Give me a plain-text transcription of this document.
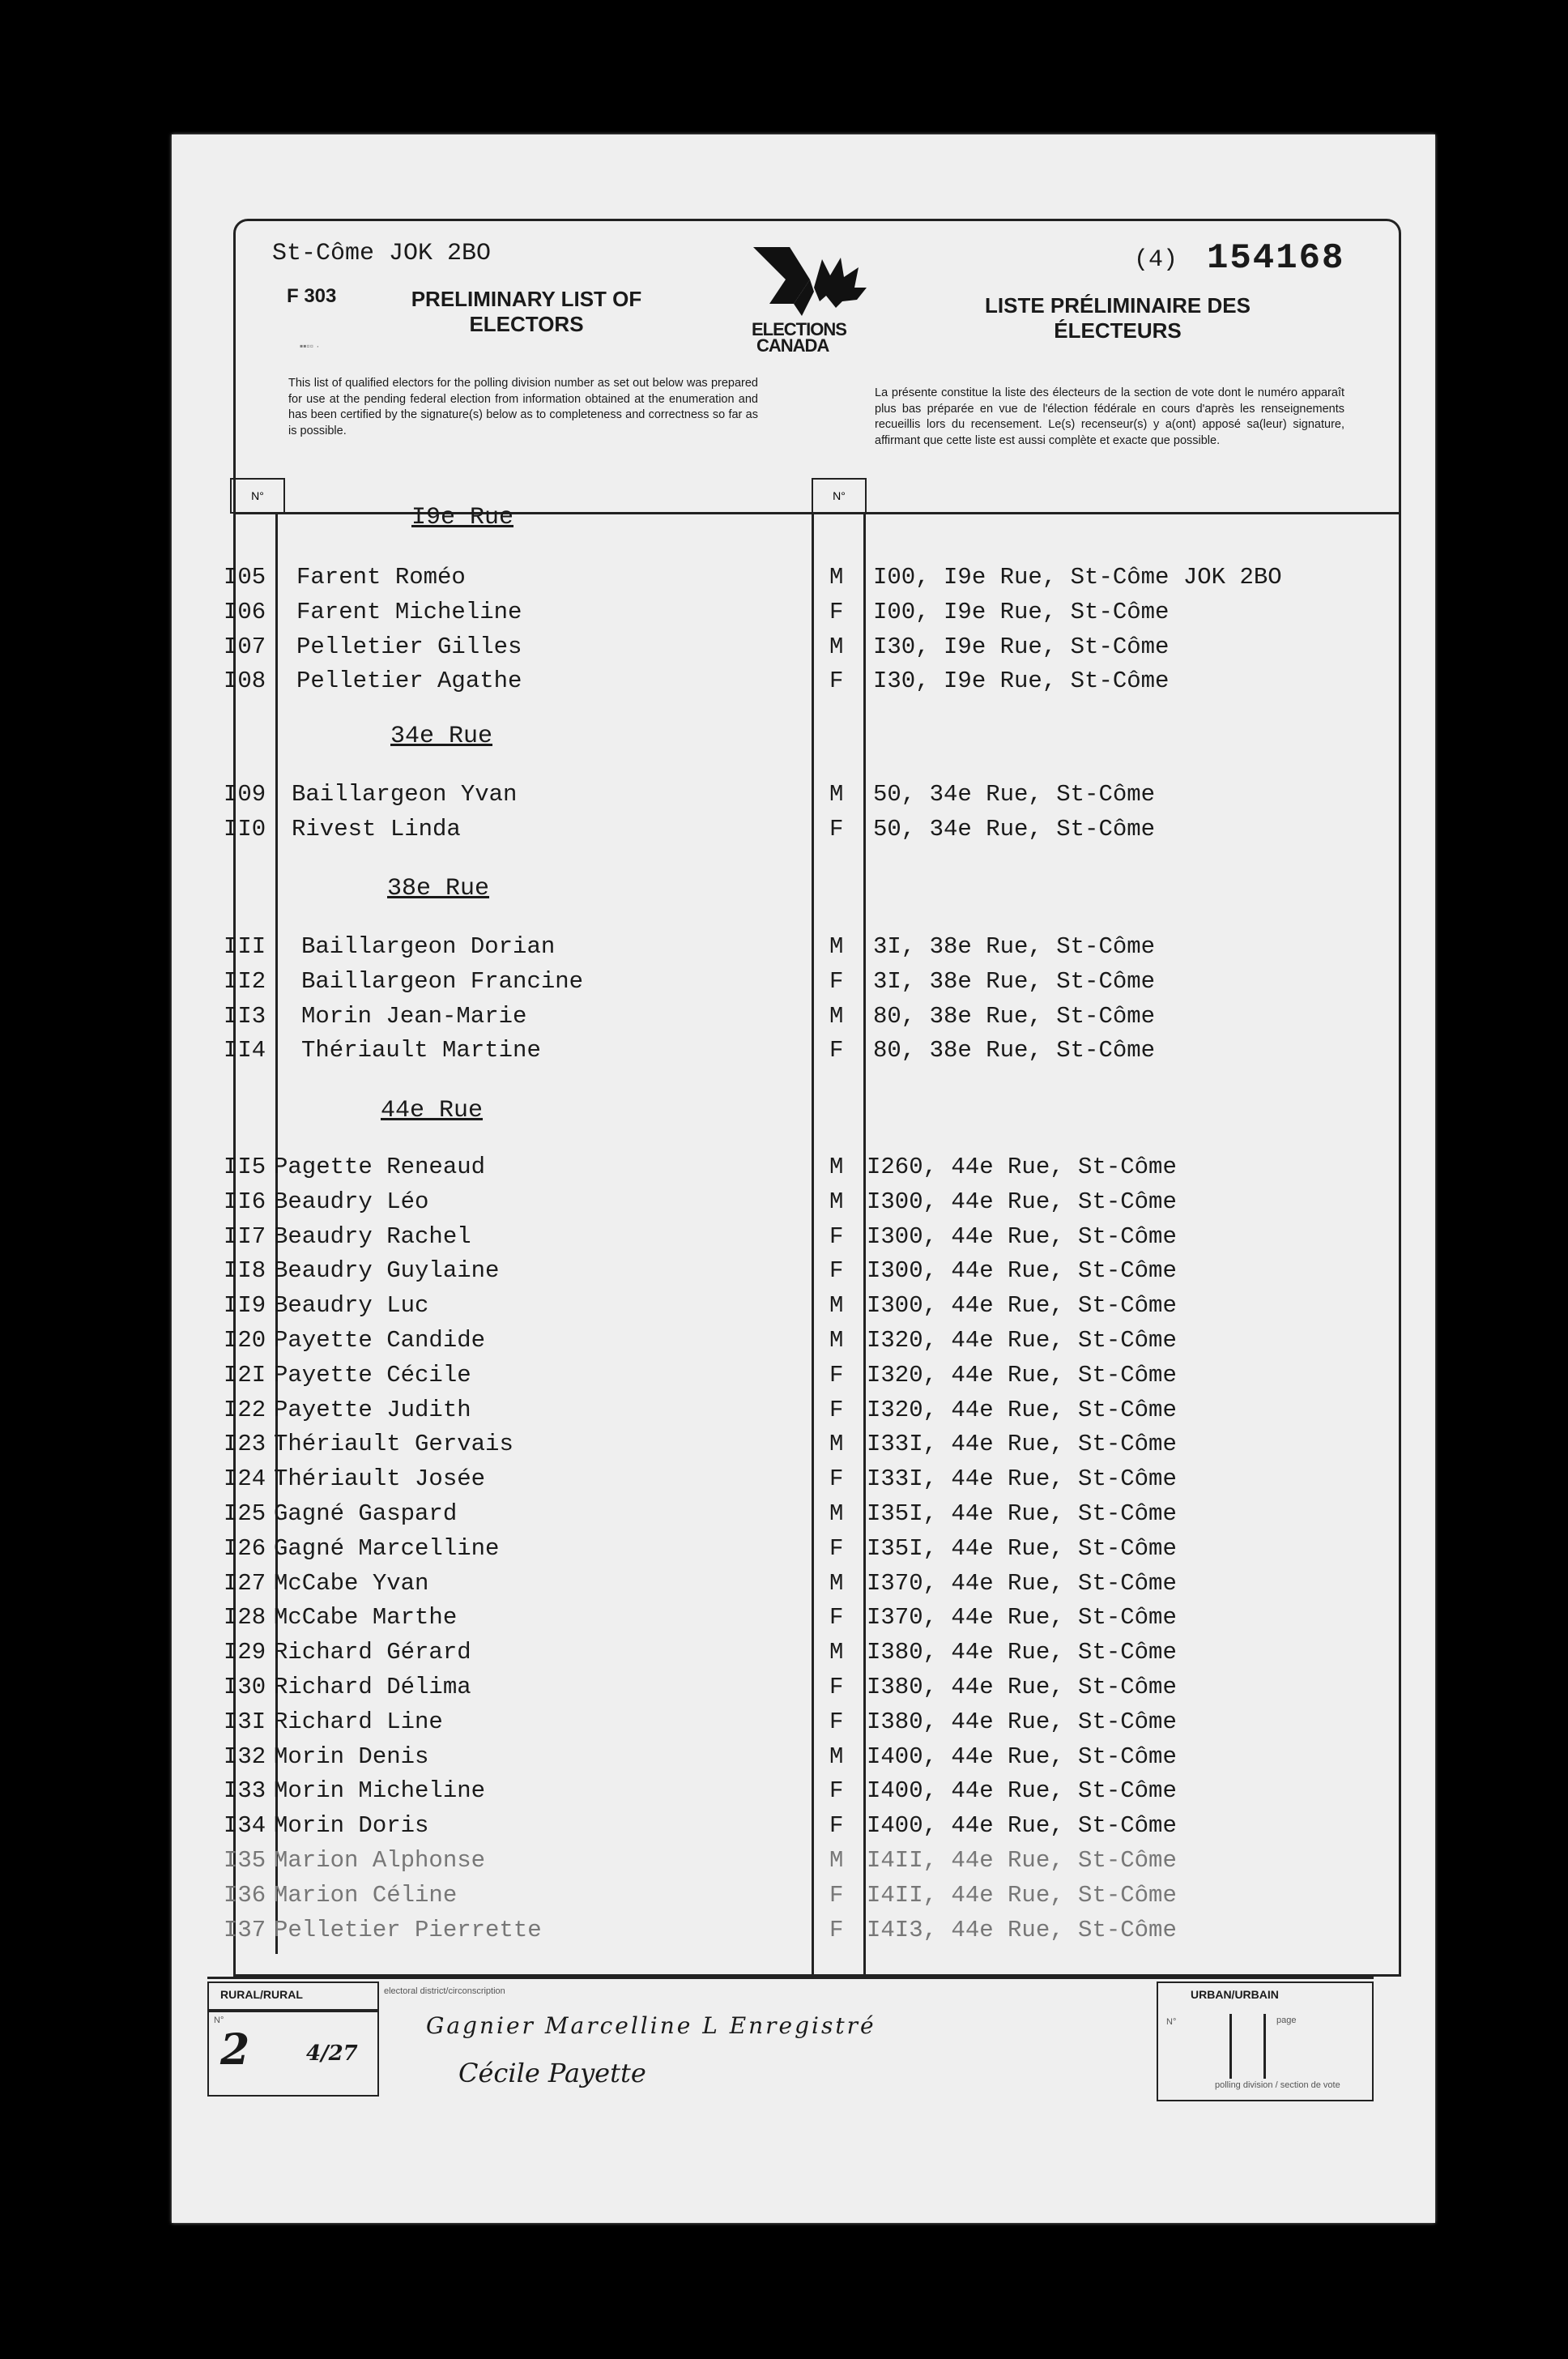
St-Côme JOK 2BO
F 303	PRELIMINARY LIST OF ELECTORS
LISTE PRÉLIMINAIRE DES ÉLECTEURS
▪▪▫▫ ·
ELECTIONS
CANADA
(4) 154168
This list of qualified electors for the polling division number as set out below was prepared for use at the pending federal election from information obtained at the enumeration and has been certified by the signature(s) below as to completeness and correctness so far as is possible.
La présente constitue la liste des électeurs de la section de vote dont le numéro apparaît plus bas préparée en vue de l'élection fédérale en cours d'après les renseignements recueillis lors du recensement. Le(s) recenseur(s) y a(ont) apposé sa(leur) signature, affirmant que cette liste est aussi complète et exacte que possible.
N°	N°
I9e Rue
I05 Farent Roméo	M I00, I9e Rue, St-Côme JOK 2BO
I06 Farent Micheline	F I00, I9e Rue, St-Côme
I07 Pelletier Gilles	M I30, I9e Rue, St-Côme
I08 Pelletier Agathe	F I30, I9e Rue, St-Côme
34e Rue
I09 Baillargeon Yvan	M 50, 34e Rue, St-Côme
II0 Rivest Linda	F 50, 34e Rue, St-Côme
38e Rue
III Baillargeon Dorian	M 3I, 38e Rue, St-Côme
II2 Baillargeon Francine	F 3I, 38e Rue, St-Côme
II3 Morin Jean-Marie	M 80, 38e Rue, St-Côme
II4 Thériault Martine	F 80, 38e Rue, St-Côme
44e Rue
II5 Pagette Reneaud	M I260, 44e Rue, St-Côme
II6 Beaudry Léo	M I300, 44e Rue, St-Côme
II7 Beaudry Rachel	F I300, 44e Rue, St-Côme
II8 Beaudry Guylaine	F I300, 44e Rue, St-Côme
II9 Beaudry Luc	M I300, 44e Rue, St-Côme
I20 Payette Candide	M I320, 44e Rue, St-Côme
I2I Payette Cécile	F I320, 44e Rue, St-Côme
I22 Payette Judith	F I320, 44e Rue, St-Côme
I23 Thériault Gervais	M I33I, 44e Rue, St-Côme
I24 Thériault Josée	F I33I, 44e Rue, St-Côme
I25 Gagné Gaspard	M I35I, 44e Rue, St-Côme
I26 Gagné Marcelline	F I35I, 44e Rue, St-Côme
I27 McCabe Yvan	M I370, 44e Rue, St-Côme
I28 McCabe Marthe	F I370, 44e Rue, St-Côme
I29 Richard Gérard	M I380, 44e Rue, St-Côme
I30 Richard Délima	F I380, 44e Rue, St-Côme
I3I Richard Line	F I380, 44e Rue, St-Côme
I32 Morin Denis	M I400, 44e Rue, St-Côme
I33 Morin Micheline	F I400, 44e Rue, St-Côme
I34 Morin Doris	F I400, 44e Rue, St-Côme
I35 Marion Alphonse	M I4II, 44e Rue, St-Côme
I36 Marion Céline	F I4II, 44e Rue, St-Côme
I37 Pelletier Pierrette	F I4I3, 44e Rue, St-Côme
RURAL/RURAL	electoral district/circonscription
N°
2	4/27
Gagnier Marcelline L Enregistré
Cécile Payette
URBAN/URBAIN
page
N°
polling division / section de vote
